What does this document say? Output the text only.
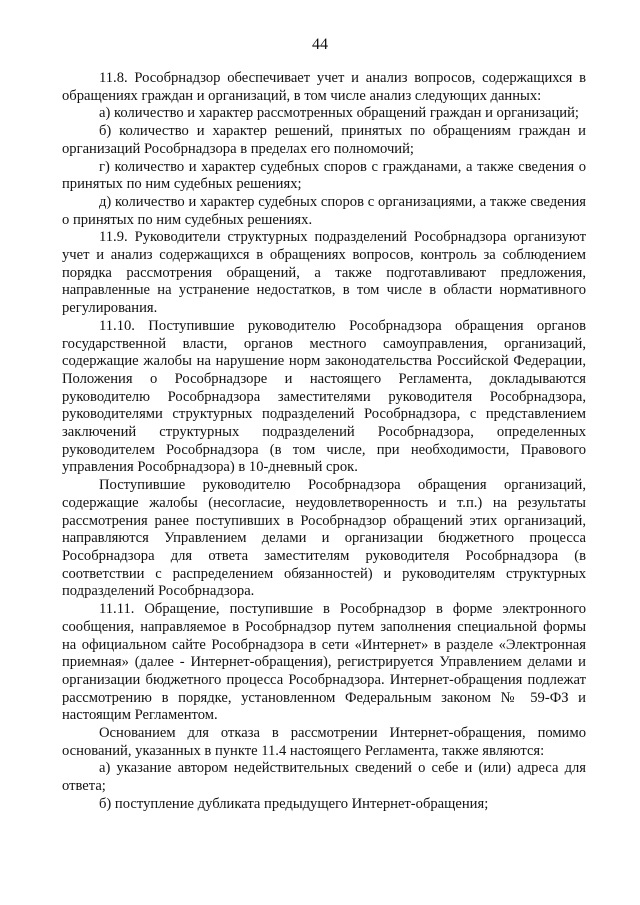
44

11.8. Рособрнадзор обеспечивает учет и анализ вопросов, содержащихся в обращениях граждан и организаций, в том числе анализ следующих данных:

а) количество и характер рассмотренных обращений граждан и организаций;

б) количество и характер решений, принятых по обращениям граждан и организаций Рособрнадзора в пределах его полномочий;

г) количество и характер судебных споров с гражданами, а также сведения о принятых по ним судебных решениях;

д) количество и характер судебных споров с организациями, а также сведения о принятых по ним судебных решениях.

11.9. Руководители структурных подразделений Рособрнадзора организуют учет и анализ содержащихся в обращениях вопросов, контроль за соблюдением порядка рассмотрения обращений, а также подготавливают предложения, направленные на устранение недостатков, в том числе в области нормативного регулирования.

11.10. Поступившие руководителю Рособрнадзора обращения органов государственной власти, органов местного самоуправления, организаций, содержащие жалобы на нарушение норм законодательства Российской Федерации, Положения о Рособрнадзоре и настоящего Регламента, докладываются руководителю Рособрнадзора заместителями руководителя Рособрнадзора, руководителями структурных подразделений Рособрнадзора, с представлением заключений структурных подразделений Рособрнадзора, определенных руководителем Рособрнадзора (в том числе, при необходимости, Правового управления Рособрнадзора) в 10-дневный срок.

Поступившие руководителю Рособрнадзора обращения организаций, содержащие жалобы (несогласие, неудовлетворенность и т.п.) на результаты рассмотрения ранее поступивших в Рособрнадзор обращений этих организаций, направляются Управлением делами и организации бюджетного процесса Рособрнадзора для ответа заместителям руководителя Рособрнадзора (в соответствии с распределением обязанностей) и руководителям структурных подразделений Рособрнадзора.

11.11. Обращение, поступившие в Рособрнадзор в форме электронного сообщения, направляемое в Рособрнадзор путем заполнения специальной формы на официальном сайте Рособрнадзора в сети «Интернет» в разделе «Электронная приемная» (далее - Интернет-обращения), регистрируется Управлением делами и организации бюджетного процесса Рособрнадзора. Интернет-обращения подлежат рассмотрению в порядке, установленном Федеральным законом № 59-ФЗ и настоящим Регламентом.

Основанием для отказа в рассмотрении Интернет-обращения, помимо оснований, указанных в пункте 11.4 настоящего Регламента, также являются:

а) указание автором недействительных сведений о себе и (или) адреса для ответа;

б) поступление дубликата предыдущего Интернет-обращения;
